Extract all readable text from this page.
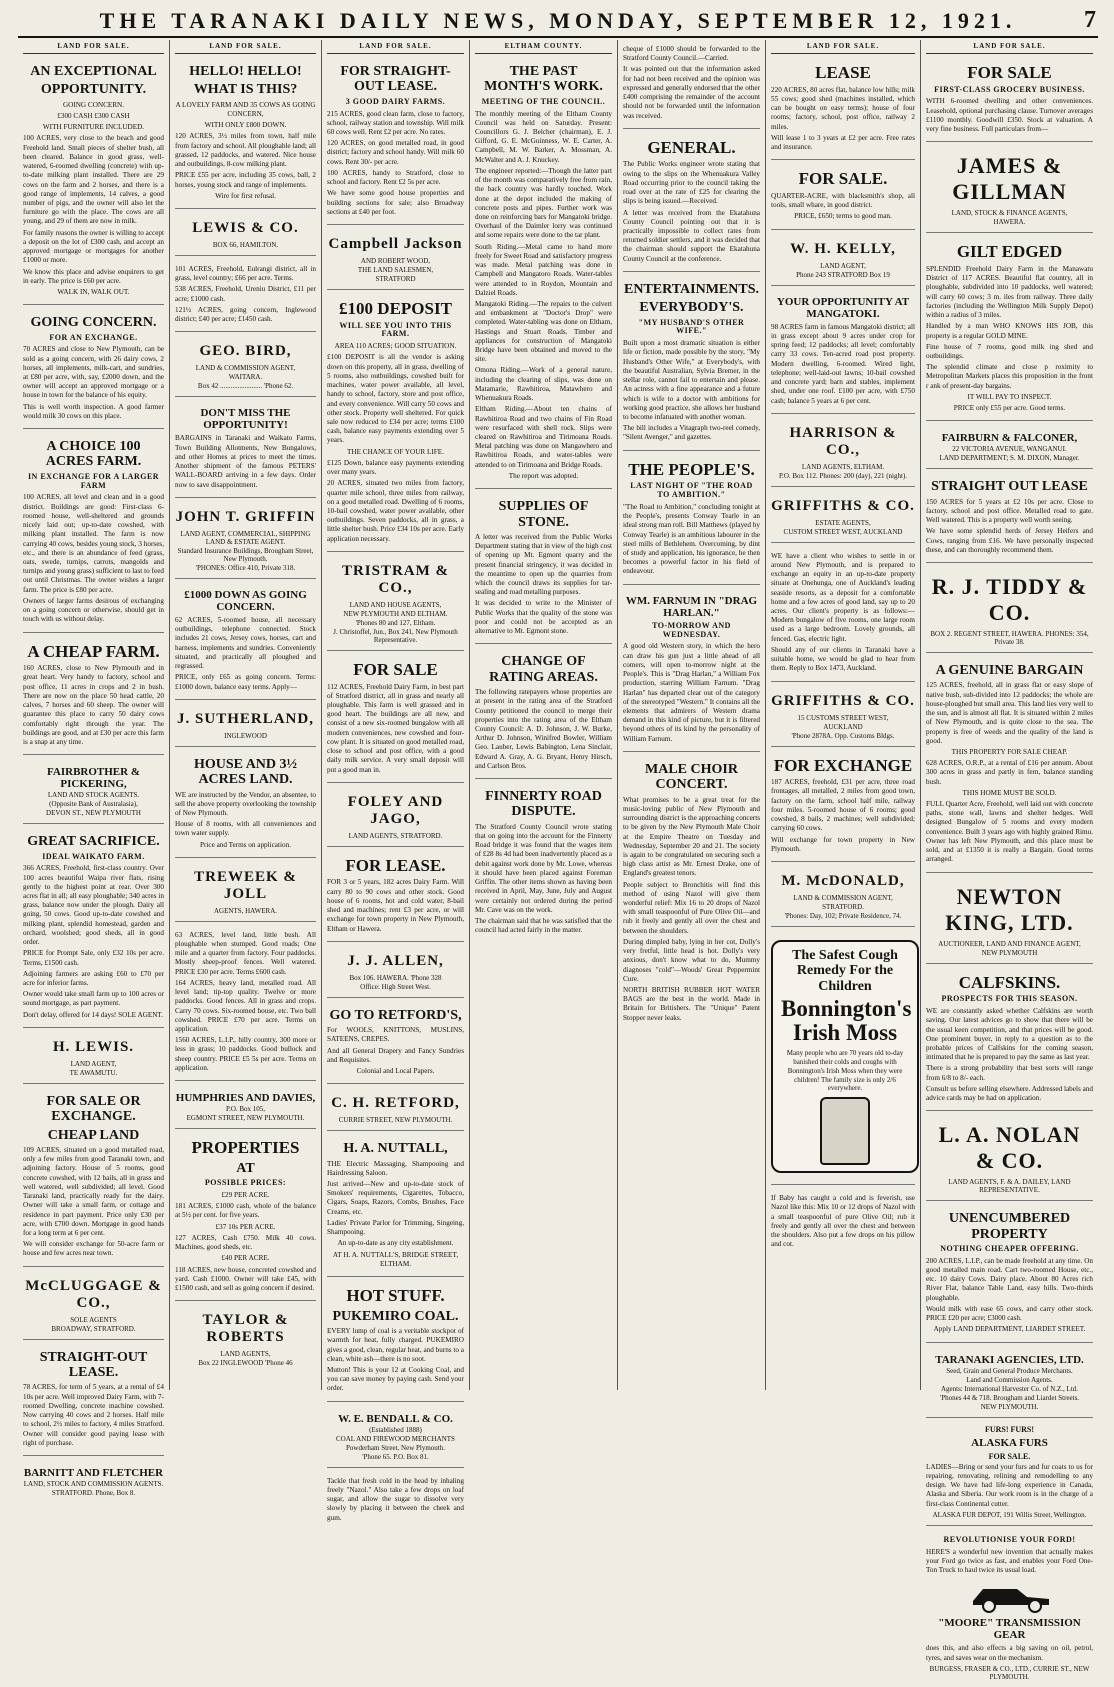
THE TARANAKI DAILY NEWS, MONDAY, SEPTEMBER 12, 1921.	7
LAND FOR SALE.
AN EXCEPTIONAL
OPPORTUNITY.
GOING CONCERN.
£300 CASH £300 CASH
WITH FURNITURE INCLUDED.
100 ACRES, very close to the beach and good Freehold land. Small pieces of shelter bush, all been cleared. Balance in good grass, well-watered, 6-roomed dwelling (concrete) with up-to-date milking plant installed. There are 29 cows on the farm and 2 horses, and there is a good range of implements, 14 calves, a good number of pigs, and the owner will also let the furniture go with the place. The cows are all young, and 29 of them are now in milk.
For family reasons the owner is willing to accept a deposit on the lot of £300 cash, and accept an approved mortgage or mortgages for another £1000 or more.
We know this place and advise enquirers to get in early. The price is £60 per acre.
WALK IN, WALK OUT.
GOING CONCERN.
FOR AN EXCHANGE.
70 ACRES and close to New Plymouth, can be sold as a going concern, with 26 dairy cows, 2 horses, all implements, milk-cart, and sundries, at £80 per acre, with, say, £2000 down, and the owner will accept an approved mortgage or a house in town for the balance of his equity.
This is well worth inspection. A good farmer would milk 30 cows on this place.
A CHOICE 100 ACRES FARM.
IN EXCHANGE FOR A LARGER FARM
100 ACRES, all level and clean and in a good district. Buildings are good: First-class 6-roomed house, well-sheltered and grounds nicely laid out; up-to-date cowshed, with milking plant installed. The farm is now carrying 40 cows, besides young stock, 3 horses, etc., and there is an abundance of feed (grass, oats, swede, turnips, carrots, mangolds and turnips and young grass) sufficient to last to feed out until Christmas. The owner wishes a larger farm. The price is £80 per acre.
Owners of larger farms desirous of exchanging on a going concern or otherwise, should get in touch with us without delay.
A CHEAP FARM.
160 ACRES, close to New Plymouth and in great heart. Very handy to factory, school and post office, 11 acres in crops and 2 in bush. There are now on the place 50 head cattle, 20 calves, 7 horses and 60 sheep. The owner will guarantee this place to carry 50 dairy cows comfortably right through the year. The buildings are good, and at £30 per acre this farm is a snap at any time.
FAIRBROTHER & PICKERING,
LAND AND STOCK AGENTS.
(Opposite Bank of Australasia),
DEVON ST., NEW PLYMOUTH
GREAT SACRIFICE.
IDEAL WAIKATO FARM.
366 ACRES, Freehold, first-class country. Over 100 acres beautiful Waipa river flats, rising gently to the highest point at rear. Over 300 acres flat in all; all easy ploughable; 340 acres in grass, balance now under the plough. Dairy all going, 50 cows. Good up-to-date cowshed and milking plant, splendid homestead, garden and orchard, woolshed; good sheds, all in good order.
PRICE for Prompt Sale, only £32 10s per acre. Terms, £1500 cash.
Adjoining farmers are asking £60 to £70 per acre for inferior farms.
Owner would take small farm up to 100 acres or sound mortgage, as part payment.
Don't delay, offered for 14 days! SOLE AGENT.
H. LEWIS.
LAND AGENT,
TE AWAMUTU.
FOR SALE OR EXCHANGE.
CHEAP LAND
109 ACRES, situated on a good metalled road, only a few miles from good Taranaki town, and adjoining factory. House of 5 rooms, good concrete cowshed, with 12 bails, all in grass and well watered, well subdivided; all level. Good Taranaki land, practically ready for the dairy. Owner will take a small farm, or cottage and residence in part payment. Price only £30 per acre, with £700 down. Mortgage in good hands for a long term at 6 per cent.
We will consider exchange for 50-acre farm or house and few acres near town.
McCLUGGAGE & CO.,
SOLE AGENTS
BROADWAY, STRATFORD.
STRAIGHT-OUT LEASE.
78 ACRES, for term of 5 years, at a rental of £4 10s per acre. Well improved Dairy Farm, with 7-roomed Dwelling, concrete machine cowshed. Now carrying 40 cows and 2 horses. Half mile to school, 2½ miles to factory, 4 miles Stratford. Owner will consider good paying lease with right of purchase.
BARNITT AND FLETCHER
LAND, STOCK AND COMMISSION AGENTS.
STRATFORD. Phone, Box 8.
LAND FOR SALE.
HELLO! HELLO!
WHAT IS THIS?
A LOVELY FARM AND 35 COWS AS GOING CONCERN,
WITH ONLY £800 DOWN.
120 ACRES, 3½ miles from town, half mile from factory and school. All ploughable land; all grassed, 12 paddocks, and watered. Nice house and outbuildings, 8-cow milking plant.
PRICE £55 per acre, including 35 cows, ball, 2 horses, young stock and range of implements.
Wire for first refusal.
LEWIS & CO.
BOX 66, HAMILTON.
101 ACRES, Freehold, Eulrangi district, all in grass, level country; £66 per acre. Terms.
538 ACRES, Freehold, Ureniu District, £11 per acre; £1000 cash.
121½ ACRES, going concern, Inglewood district; £40 per acre; £1450 cash.
GEO. BIRD,
LAND & COMMISSION AGENT,
WAITARA.
Box 42 ........................ 'Phone 62.
DON'T MISS THE OPPORTUNITY!
BARGAINS in Taranaki and Waikato Farms, Town Building Allotments, New Bungalows, and other Homes at prices to meet the times. Another shipment of the famous PETERS' WALL-BOARD arriving in a few days. Order now to save disappointment.
JOHN T. GRIFFIN
LAND AGENT, COMMERCIAL, SHIPPING LAND & ESTATE AGENT.
Standard Insurance Buildings, Brougham Street, New Plymouth.
'PHONES: Office 410, Private 318.
£1000 DOWN AS GOING CONCERN.
62 ACRES, 5-roomed house, all necessary outbuildings, telephone connected. Stock includes 21 cows, Jersey cows, horses, cart and harness, implements and sundries. Conveniently situated, and practically all ploughed and regrassed.
PRICE, only £65 as going concern. Terms: £1000 down, balance easy terms. Apply—
J. SUTHERLAND,
INGLEWOOD
HOUSE AND 3½ ACRES LAND.
WE are instructed by the Vendor, an absentee, to sell the above property overlooking the township of New Plymouth.
House of 8 rooms, with all conveniences and town water supply.
Price and Terms on application.
TREWEEK & JOLL
AGENTS, HAWERA.
63 ACRES, level land, little bush. All ploughable when stumped. Good roads; One mile and a quarter from factory. Four paddocks. Mostly sheep-proof fences. Well watered. PRICE £30 per acre. Terms £600 cash.
164 ACRES, heavy land, metalled road. All level land; tip-top quality. Twelve or more paddocks. Good fences. All in grass and crops. Carry 70 cows. Six-roomed house, etc. Two ball cowshed. PRICE £70 per acre. Terms on application.
1560 ACRES, L.I.P., hilly country, 300 more or less in grass; 10 paddocks. Good bullock and sheep country. PRICE £5 5s per acre. Terms on application.
HUMPHRIES AND DAVIES,
P.O. Box 105,
EGMONT STREET, NEW PLYMOUTH.
PROPERTIES
AT
POSSIBLE PRICES:
£29 PER ACRE.
181 ACRES, £1000 cash, whole of the balance at 5½ per cent. for five years.
£37 10s PER ACRE.
127 ACRES, Cash £750. Milk 40 cows. Machines, good sheds, etc.
£40 PER ACRE.
118 ACRES, new house, concreted cowshed and yard. Cash £1000. Owner will take £45, with £1500 cash, and sell as going concern if desired.
TAYLOR & ROBERTS
LAND AGENTS,
Box 22 INGLEWOOD 'Phone 46
LAND FOR SALE.
FOR STRAIGHT-OUT LEASE.
3 GOOD DAIRY FARMS.
215 ACRES, good clean farm, close to factory, school, railway station and township. Will milk 60 cows well. Rent £2 per acre. No rates.
120 ACRES, on good metalled road, in good district; factory and school handy. Will milk 60 cows. Rent 30/- per acre.
100 ACRES, handy to Stratford, close to school and factory. Rent £2 5s per acre.
We have some good house properties and building sections for sale; also Broadway sections at £40 per foot.
Campbell Jackson
AND ROBERT WOOD,
THE LAND SALESMEN,
STRATFORD
£100 DEPOSIT
WILL SEE YOU INTO THIS FARM.
AREA 110 ACRES; GOOD SITUATION.
£100 DEPOSIT is all the vendor is asking down on this property, all in grass, dwelling of 5 rooms, also outbuildings, cowshed built for machines, water power available, all level, handy to school, factory, store and post office, and every convenience. Will carry 50 cows and other stock. Property well sheltered. For quick sale now reduced to £34 per acre; terms £100 cash, balance easy payments extending over 5 years.
THE CHANCE OF YOUR LIFE.
£125 Down, balance easy payments extending over many years.
20 ACRES, situated two miles from factory, quarter mile school, three miles from railway, on a good metalled road. Dwelling of 6 rooms, 10-bail cowshed, water power available, other outbuildings. Seven paddocks, all in grass, a little shelter bush. Price £34 10s per acre. Early application necessary.
TRISTRAM & CO.,
LAND AND HOUSE AGENTS,
NEW PLYMOUTH AND ELTHAM.
'Phones 80 and 127, Eltham.
J. Christoffel, Jun., Box 241, New Plymouth Representative.
FOR SALE
112 ACRES, Freehold Dairy Farm, in best part of Stratford district, all in grass and nearly all ploughable. This farm is well grassed and in good heart. The buildings are all new, and consist of a new six-roomed bungalow with all modern conveniences, new cowshed and four-cow plant. It is situated on good metalled road, close to school and post office, with a good daily milk service. A very small deposit will put a good man in.
FOLEY AND JAGO,
LAND AGENTS, STRATFORD.
FOR LEASE.
FOR 3 or 5 years, 182 acres Dairy Farm. Will carry 80 to 90 cows and other stock. Good house of 6 rooms, hot and cold water, 8-bail shed and machines; rent £3 per acre, or will exchange for town property in New Plymouth, Eltham or Hawera.
J. J. ALLEN,
Box 106. HAWERA. 'Phone 328
Office: High Street West.
GO TO RETFORD'S,
For WOOLS, KNITTONS, MUSLINS, SATEENS, CREPES.
And all General Drapery and Fancy Sundries and Requisites.
Colonial and Local Papers.
C. H. RETFORD,
CURRIE STREET, NEW PLYMOUTH.
H. A. NUTTALL,
THE Electric Massaging, Shampooing and Hairdressing Saloon.
Just arrived—New and up-to-date stock of Smokers' requirements, Cigarettes, Tobacco, Cigars, Soaps, Razors, Combs, Brushes, Face Creams, etc.
Ladies' Private Parlor for Trimming, Singeing, Shampooing.
An up-to-date as any city establishment.
AT H. A. NUTTALL'S, BRIDGE STREET, ELTHAM.
HOT STUFF.
PUKEMIRO COAL.
EVERY lump of coal is a veritable stockpot of warmth for heat, fully charged. PUKEMIRO gives a good, clean, regular heat, and burns to a clean, white ash—there is no soot.
Mutton! This is your 12 at Cooking Coal, and you can save money by paying cash. Send your order.
W. E. BENDALL & CO.
(Established 1888)
COAL AND FIREWOOD MERCHANTS
Powderham Street, New Plymouth.
'Phone 65. P.O. Box 81.
Tackle that fresh cold in the head by inhaling freely "Nazol." Also take a few drops on loaf sugar, and allow the sugar to dissolve very slowly by placing it between the cheek and gum.
ELTHAM COUNTY.
THE PAST MONTH'S WORK.
MEETING OF THE COUNCIL.
The monthly meeting of the Eltham County Council was held on Saturday. Present: Councillors G. J. Belcher (chairman), E. J. Gifford, G. E. McGuinness, W. E. Carter, A. Campbell, M. W. Barker, A. Mossman, A. McWalter and A. J. Knuckey.
The engineer reported:—Though the latter part of the month was comparatively free from rain, the back country was hardly touched. Work done at the depot included the making of concrete posts and pipes. Further work was done on reinforcing bars for Mangatoki bridge. Overhaul of the Daimler lorry was continued and some repairs were done to the tar plant.
South Riding.—Metal came to hand more freely for Sweet Road and satisfactory progress was made. Metal patching was done in Campbell and Mangatoro Roads. Water-tables were attended to in Roydon, Mountain and Dalziel Roads.
Mangatoki Riding.—The repairs to the culvert and embankment at "Doctor's Drop" were completed. Water-tabling was done on Eltham, Hastings and Stuart Roads. Timber and appliances for construction of Mangatoki Bridge have been obtained and moved to the site.
Omona Riding.—Work of a general nature, including the clearing of slips, was done on Matamarie, Rawhitiroa, Matawhero and Whenuakura Roads.
Eltham Riding.—About ten chains of Rawhitiroa Road and two chains of Fin Road were resurfaced with shell rock. Slips were cleared on Rawhitiroa and Tirimoana Roads. Metal patching was done on Mangawhero and Rawhitiroa Roads, and water-tables were attended to on Tirimoana and Bridge Roads.
The report was adopted.
SUPPLIES OF STONE.
A letter was received from the Public Works Department stating that in view of the high cost of opening up Mt. Egmont quarry and the present financial stringency, it was decided in the meantime to open up the quarries from which the council draws its supplies for tar-sealing and road metalling purposes.
It was decided to write to the Minister of Public Works that the quality of the stone was poor and could not be accepted as an alternative to Mt. Egmont stone.
CHANGE OF RATING AREAS.
The following ratepayers whose properties are at present in the rating area of the Stratford County petitioned the council to merge their properties into the rating area of the Eltham County Council: A. D. Johnson, J. W. Burke, Arthur D. Johnson, Winifred Bowler, William Geo. Lauber, Lewis Babington, Lena Sinclair, Edward A. Gray, A. G. Bryant, Henry Hirsch, and Carlson Bros.
FINNERTY ROAD DISPUTE.
The Stratford County Council wrote stating that on going into the account for the Finnerty Road bridge it was found that the wages item of £28 8s 4d had been inadvertently placed as a debit against work done by Mr. Lowe, whereas it should have been placed against Foreman Griffin. The other items shown as having been received in April, May, June, July and August were certainly not ordered during the period Mr. Cave was on the work.
The chairman said that he was satisfied that the council had acted fairly in the matter.
cheque of £1000 should be forwarded to the Stratford County Council.—Carried.
It was pointed out that the information asked for had not been received and the opinion was expressed and generally endorsed that the other £400 comprising the remainder of the account should not be forwarded until the information was received.
GENERAL.
The Public Works engineer wrote stating that owing to the slips on the Whenuakura Valley Road occurring prior to the council taking the road over at the rate of £25 for clearing the slips is being issued.—Received.
A letter was received from the Ekatahuna County Council pointing out that it is practically impossible to collect rates from returned soldier settlers, and it was decided that the chairman should support the Ekatahuna County Council at the conference.
ENTERTAINMENTS.
EVERYBODY'S.
"MY HUSBAND'S OTHER WIFE."
Built upon a most dramatic situation is either life or fiction, made possible by the story, "My Husband's Other Wife," at Everybody's, with the beautiful Australian, Sylvia Bremer, in the stellar role, cannot fail to entertain and please. An actress with a fine appearance and a future which is wife to a doctor with ambitions for working good practice, she allows her husband to become infatuated with another woman.
The bill includes a Vitagraph two-reel comedy, "Silent Avenger," and gazettes.
THE PEOPLE'S.
LAST NIGHT OF "THE ROAD TO AMBITION."
"The Road to Ambition," concluding tonight at the People's, presents Conway Tearle in an ideal strong man roll. Bill Matthews (played by Conway Tearle) is an ambitious labourer in the steel mills of Bethlehem. Overcoming, by dint of study and application, his ignorance, he then becomes a powerful factor in his field of endeavour.
WM. FARNUM IN "DRAG HARLAN."
TO-MORROW AND WEDNESDAY.
A good old Western story, in which the hero can draw his gun just a little ahead of all comers, will open to-morrow night at the People's. This is "Drag Harlan," a William Fox production, starring William Farnum. "Drag Harlan" has departed clear out of the category of the stereotyped "Western." It contains all the elements that admirers of Western drama demand in this kind of picture, but it is filtered beyond others of its kind by the personality of William Farnum.
MALE CHOIR CONCERT.
What promises to be a great treat for the music-loving public of New Plymouth and surrounding district is the approaching concerts to be given by the New Plymouth Male Choir at the Empire Theatre on Tuesday and Wednesday, September 20 and 21. The society is again to be congratulated on securing such a high class artist as Mr. Ernest Drake, one of England's greatest tenors.
People subject to Bronchitis will find this method of using Nazol will give them wonderful relief: Mix 16 to 20 drops of Nazol with small teaspoonful of Pure Olive Oil—and rub it freely and gently all over the chest and between the shoulders.
During dimpled baby, lying in her cot, Dolly's very fretful, little head is hot. Dolly's very anxious, don't know what to do, Mummy diagnoses "cold"—Woods' Great Peppermint Cure.
NORTH BRITISH RUBBER HOT WATER BAGS are the best in the world. Made in Britain for Britishers. The "Unique" Patent Stopper never leaks.
LAND FOR SALE.
LEASE
220 ACRES, 80 acres flat, balance low hills; milk 55 cows; good shed (machines installed, which can be bought on easy terms); house of four rooms; factory, school, post office, railway 2 miles.
Will lease 1 to 3 years at £2 per acre. Free rates and insurance.
FOR SALE.
QUARTER-ACRE, with blacksmith's shop, all tools, small whare, in good district.
PRICE, £650; terms to good man.
W. H. KELLY,
LAND AGENT,
Phone 243 STRATFORD Box 19
YOUR OPPORTUNITY AT MANGATOKI.
98 ACRES farm in famous Mangatoki district; all in grass except about 9 acres under crop for spring feed; 12 paddocks; all level; comfortably carry 33 cows. Ten-acred road post property. Modern dwelling, 6-roomed. Wired light, telephone; well-laid-out lawns; 10-bail cowshed and concrete yard; barn and stables, implement shed, under one roof. £100 per acre, with £750 cash; balance 5 years at 6 per cent.
HARRISON & CO.,
LAND AGENTS, ELTHAM.
P.O. Box 112. Phones: 200 (day), 221 (night).
GRIFFITHS & CO.
ESTATE AGENTS,
CUSTOM STREET WEST, AUCKLAND
WE have a client who wishes to settle in or around New Plymouth, and is prepared to exchange an equity in an up-to-date property situate at Onehunga, one of Auckland's leading seaside resorts, as a deposit for a comfortable home and a few acres of good land, say up to 20 acres. Our client's property is as follows:—Modern bungalow of five rooms, one large room used as a large bedroom. Lovely grounds, all fenced. Gas, electric light.
Should any of our clients in Taranaki have a suitable home, we would be glad to hear from them. Reply to Box 1473, Auckland.
GRIFFITHS & CO.
15 CUSTOMS STREET WEST,
AUCKLAND
'Phone 2878A. Opp. Customs Bldgs.
FOR EXCHANGE
187 ACRES, freehold, £31 per acre, three road frontages, all metalled, 2 miles from good town, factory on the farm, school half mile, railway four miles. 5-roomed house of 6 rooms; good cowshed, 8 bails, 2 machines; well subdivided; carrying 60 cows.
Will exchange for town property in New Plymouth.
M. McDONALD,
LAND & COMMISSION AGENT,
STRATFORD.
'Phones: Day, 102; Private Residence, 74.
The Safest Cough Remedy For the Children
Bonnington's Irish Moss
Many people who are 70 years old to-day banished their colds and coughs with Bonnington's Irish Moss when they were children! The family size is only 2/6 everywhere.
If Baby has caught a cold and is feverish, use Nazol like this: Mix 10 or 12 drops of Nazol with a small teaspoonful of pure Olive Oil; rub it freely and gently all over the chest and between the shoulders. Also put a few drops on his pillow and cot.
LAND FOR SALE.
FOR SALE
FIRST-CLASS GROCERY BUSINESS.
WITH 6-roomed dwelling and other conveniences. Leasehold, optional purchasing clause. Turnover averages £1100 monthly. Goodwill £350. Stock at valuation. A very fine business. Full particulars from—
JAMES & GILLMAN
LAND, STOCK & FINANCE AGENTS,
HAWERA.
GILT EDGED
SPLENDID Freehold Dairy Farm in the Manawatu District of 117 ACRES. Beautiful flat country, all in ploughable, subdivided into 10 paddocks, well watered; will carry 60 cows; 3 m. iles from railway. Three daily factories (including the Wellington Milk Supply Depot) within a radius of 3 miles.
Handled by a man WHO KNOWS HIS JOB, this property is a regular GOLD MINE.
Fine house of 7 rooms, good milk ing shed and outbuildings.
The splendid climate and close p roximity to Metropolitan Markets places this proposition in the front r ank of present-day bargains.
IT WILL PAY TO INSPECT.
PRICE only £55 per acre. Good terms.
FAIRBURN & FALCONER,
22 VICTORIA AVENUE, WANGANUI.
LAND DEPARTMENT; S. M. DIXON, Manager.
STRAIGHT OUT LEASE
150 ACRES for 5 years at £2 10s per acre. Close to factory, school and post office. Metalled road to gate. Well watered. This is a property well worth seeing.
We have some splendid herds of Jersey Heifers and Cows, ranging from £16. We have personally inspected these, and can thoroughly recommend them.
R. J. TIDDY & CO.
BOX 2. REGENT STREET, HAWERA. PHONES: 354, Private 38.
A GENUINE BARGAIN
125 ACRES, freehold, all in grass flat or easy slope of native bush, sub-divided into 12 paddocks; the whole are house-ploughed but small area. This land lies very well to the sun, and is almost all flat. It is situated within 2 miles of New Plymouth, and is quite close to the sea. The property is free of weeds and the quality of the land is good.
THIS PROPERTY FOR SALE CHEAP.
628 ACRES, O.R.P., at a rental of £16 per annum. About 300 acres in grass and partly in fern, balance standing bush.
THIS HOME MUST BE SOLD.
FULL Quarter Acre, Freehold, well laid out with concrete paths, stone wall, lawns and shelter hedges. Well designed Bungalow of 5 rooms and every modern convenience. Built 3 years ago with highly grained Rimu. Owner has left New Plymouth, and this place must be sold, and at £1350 it is really a Bargain. Good terms arranged.
NEWTON KING, LTD.
AUCTIONEER, LAND AND FINANCE AGENT,
NEW PLYMOUTH
CALFSKINS.
PROSPECTS FOR THIS SEASON.
WE are constantly asked whether Calfskins are worth saving. Our latest advices go to show that there will be the usual keen competition, and that prices will be good. One prominent buyer, in reply to a question as to the probable prices of Calfskins for the coming season, intimated that he is prepared to pay the same as last year.
There is a strong probability that best sorts will range from 6/8 to 8/- each.
Consult us before selling elsewhere. Addressed labels and advice cards may be had on application.
L. A. NOLAN & CO.
LAND AGENTS, F. & A. DAILEY, LAND REPRESENTATIVE.
UNENCUMBERED PROPERTY
NOTHING CHEAPER OFFERING.
200 ACRES, L.I.P., can be made freehold at any time. On good metalled main road. Cart two-roomed House, etc., etc. 10 dairy Cows. Dairy place. About 80 Acres rich River Flat, balance Table Land, easy hills. Two-thirds ploughable.
Would milk with ease 65 cows, and carry other stock. PRICE £20 per acre; £3000 cash.
Apply LAND DEPARTMENT, LIARDET STREET.
TARANAKI AGENCIES, LTD.
Seed, Grain and General Produce Merchants.
Land and Commission Agents.
Agents: International Harvester Co. of N.Z., Ltd.
'Phones 44 & 718. Brougham and Liardet Streets.
NEW PLYMOUTH.
FURS! FURS!
ALASKA FURS
FOR SALE.
LADIES—Bring or send your furs and fur coats to us for repairing, renovating, relining and remodelling to any design. We have had life-long experience in Canada, Alaska and Siberia. Our work room is in the charge of a first-class Continental cutter.
ALASKA FUR DEPOT, 191 Willis Street, Wellington.
REVOLUTIONISE YOUR FORD!
HERE'S a wonderful new invention that actually makes your Ford go twice as fast, and enables your Ford One-Ton Truck to haul twice its usual load.
"MOORE" TRANSMISSION GEAR
does this, and also effects a big saving on oil, petrol, tyres, and saves wear on the mechanism.
BURGESS, FRASER & CO., LTD., CURRIE ST., NEW PLYMOUTH.
